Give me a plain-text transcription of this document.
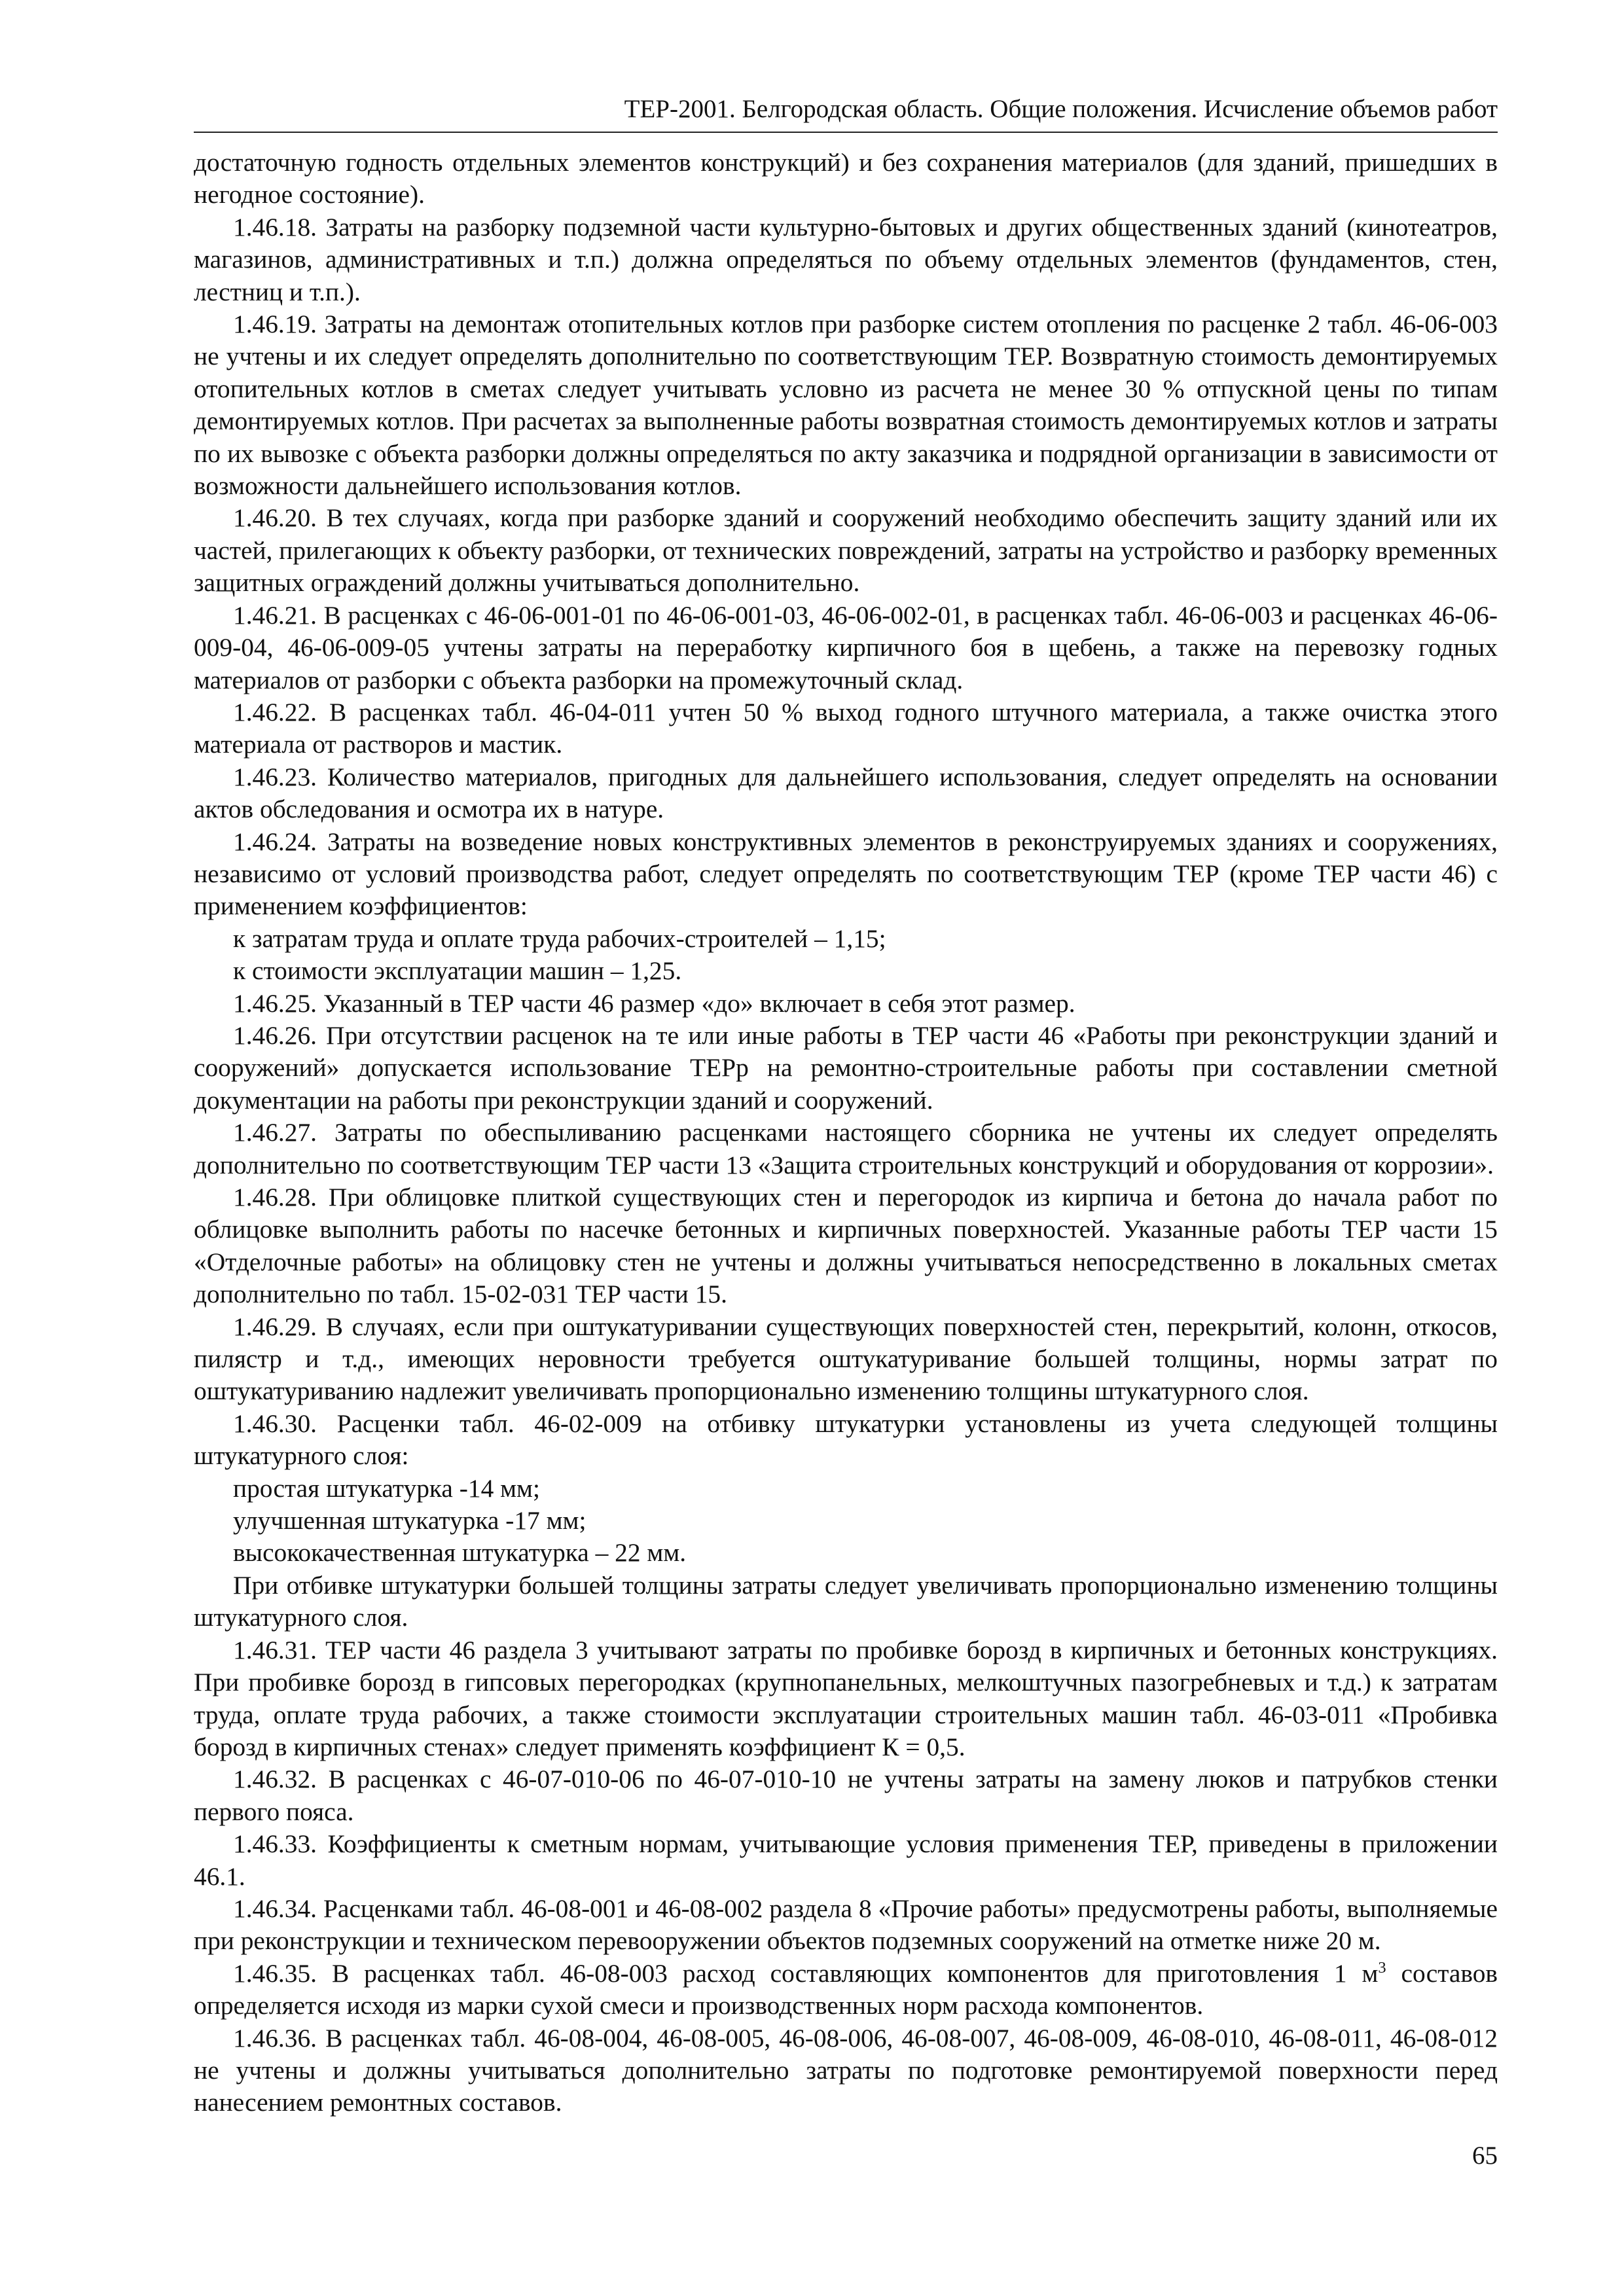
ТЕР-2001. Белгородская область. Общие положения. Исчисление объемов работ

достаточную годность отдельных элементов конструкций) и без сохранения материалов (для зданий, пришедших в негодное состояние).

1.46.18. Затраты на разборку подземной части культурно-бытовых и других общественных зданий (кинотеатров, магазинов, административных и т.п.) должна определяться по объему отдельных элементов (фундаментов, стен, лестниц и т.п.).

1.46.19. Затраты на демонтаж отопительных котлов при разборке систем отопления по расценке 2 табл. 46-06-003 не учтены и их следует определять дополнительно по соответствующим ТЕР. Возвратную стоимость демонтируемых отопительных котлов в сметах следует учитывать условно из расчета не менее 30 % отпускной цены по типам демонтируемых котлов. При расчетах за выполненные работы возвратная стоимость демонтируемых котлов и затраты по их вывозке с объекта разборки должны определяться по акту заказчика и подрядной организации в зависимости от возможности дальнейшего использования котлов.

1.46.20. В тех случаях, когда при разборке зданий и сооружений необходимо обеспечить защиту зданий или их частей, прилегающих к объекту разборки, от технических повреждений, затраты на устройство и разборку временных защитных ограждений должны учитываться дополнительно.

1.46.21. В расценках с 46-06-001-01 по 46-06-001-03, 46-06-002-01, в расценках табл. 46-06-003 и расценках 46-06-009-04, 46-06-009-05 учтены затраты на переработку кирпичного боя в щебень, а также на перевозку годных материалов от разборки с объекта разборки на промежуточный склад.

1.46.22. В расценках табл. 46-04-011 учтен 50 % выход годного штучного материала, а также очистка этого материала от растворов и мастик.

1.46.23. Количество материалов, пригодных для дальнейшего использования, следует определять на основании актов обследования и осмотра их в натуре.

1.46.24. Затраты на возведение новых конструктивных элементов в реконструируемых зданиях и сооружениях, независимо от условий производства работ, следует определять по соответствующим ТЕР (кроме ТЕР части 46) с применением коэффициентов:

к затратам труда и оплате труда рабочих-строителей – 1,15;

к стоимости эксплуатации машин – 1,25.

1.46.25. Указанный в ТЕР части 46 размер «до» включает в себя этот размер.

1.46.26. При отсутствии расценок на те или иные работы в ТЕР части 46 «Работы при реконструкции зданий и сооружений» допускается использование ТЕРр на ремонтно-строительные работы при составлении сметной документации на работы при реконструкции зданий и сооружений.

1.46.27. Затраты по обеспыливанию расценками настоящего сборника не учтены их следует определять дополнительно по соответствующим ТЕР части 13 «Защита строительных конструкций и оборудования от коррозии».

1.46.28. При облицовке плиткой существующих стен и перегородок из кирпича и бетона до начала работ по облицовке выполнить работы по насечке бетонных и кирпичных поверхностей. Указанные работы ТЕР части 15 «Отделочные работы» на облицовку стен не учтены и должны учитываться непосредственно в локальных сметах дополнительно по табл. 15-02-031 ТЕР части 15.

1.46.29. В случаях, если при оштукатуривании существующих поверхностей стен, перекрытий, колонн, откосов, пилястр и т.д., имеющих неровности требуется оштукатуривание большей толщины, нормы затрат по оштукатуриванию надлежит увеличивать пропорционально изменению толщины штукатурного слоя.

1.46.30. Расценки табл. 46-02-009 на отбивку штукатурки установлены из учета следующей толщины штукатурного слоя:

простая штукатурка -14 мм;

улучшенная штукатурка -17 мм;

высококачественная штукатурка – 22 мм.

При отбивке штукатурки большей толщины затраты следует увеличивать пропорционально изменению толщины штукатурного слоя.

1.46.31. ТЕР части 46 раздела 3 учитывают затраты по пробивке борозд в кирпичных и бетонных конструкциях. При пробивке борозд в гипсовых перегородках (крупнопанельных, мелкоштучных пазогребневых и т.д.) к затратам труда, оплате труда рабочих, а также стоимости эксплуатации строительных машин табл. 46-03-011 «Пробивка борозд в кирпичных стенах» следует применять коэффициент К = 0,5.

1.46.32. В расценках с 46-07-010-06 по 46-07-010-10 не учтены затраты на замену люков и патрубков стенки первого пояса.

1.46.33. Коэффициенты к сметным нормам, учитывающие условия применения ТЕР, приведены в приложении 46.1.

1.46.34. Расценками табл. 46-08-001 и 46-08-002 раздела 8 «Прочие работы» предусмотрены работы, выполняемые при реконструкции и техническом перевооружении объектов подземных сооружений на отметке ниже 20 м.

1.46.35. В расценках табл. 46-08-003 расход составляющих компонентов для приготовления 1 $м^3$ составов определяется исходя из марки сухой смеси и производственных норм расхода компонентов.

1.46.36. В расценках табл. 46-08-004, 46-08-005, 46-08-006, 46-08-007, 46-08-009, 46-08-010, 46-08-011, 46-08-012 не учтены и должны учитываться дополнительно затраты по подготовке ремонтируемой поверхности перед нанесением ремонтных составов.

65
